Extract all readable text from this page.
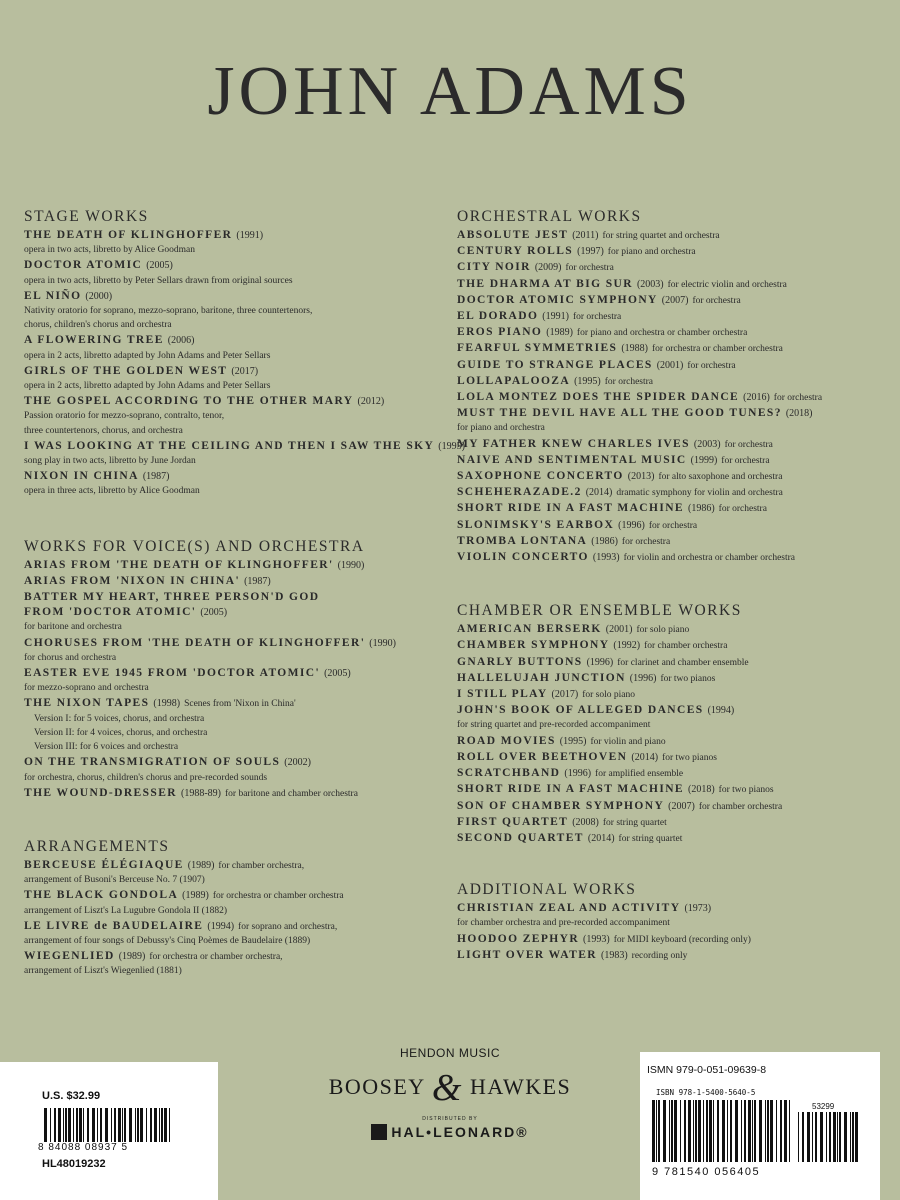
JOHN ADAMS
STAGE WORKS
THE DEATH OF KLINGHOFFER (1991)
opera in two acts, libretto by Alice Goodman
DOCTOR ATOMIC (2005)
opera in two acts, libretto by Peter Sellars drawn from original sources
EL NIÑO (2000)
Nativity oratorio for soprano, mezzo-soprano, baritone, three countertenors,
chorus, children's chorus and orchestra
A FLOWERING TREE (2006)
opera in 2 acts, libretto adapted by John Adams and Peter Sellars
GIRLS OF THE GOLDEN WEST (2017)
opera in 2 acts, libretto adapted by John Adams and Peter Sellars
THE GOSPEL ACCORDING TO THE OTHER MARY (2012)
Passion oratorio for mezzo-soprano, contralto, tenor,
three countertenors, chorus, and orchestra
I WAS LOOKING AT THE CEILING AND THEN I SAW THE SKY (1995)
song play in two acts, libretto by June Jordan
NIXON IN CHINA (1987)
opera in three acts, libretto by Alice Goodman
WORKS FOR VOICE(S) AND ORCHESTRA
ARIAS FROM 'THE DEATH OF KLINGHOFFER' (1990)
ARIAS FROM 'NIXON IN CHINA' (1987)
BATTER MY HEART, THREE PERSON'D GOD
FROM 'DOCTOR ATOMIC' (2005)
for baritone and orchestra
CHORUSES FROM 'THE DEATH OF KLINGHOFFER' (1990)
for chorus and orchestra
EASTER EVE 1945 FROM 'DOCTOR ATOMIC' (2005)
for mezzo-soprano and orchestra
THE NIXON TAPES (1998) Scenes from 'Nixon in China'
Version I: for 5 voices, chorus, and orchestra
Version II: for 4 voices, chorus, and orchestra
Version III: for 6 voices and orchestra
ON THE TRANSMIGRATION OF SOULS (2002)
for orchestra, chorus, children's chorus and pre-recorded sounds
THE WOUND-DRESSER (1988-89) for baritone and chamber orchestra
ARRANGEMENTS
BERCEUSE ÉLÉGIAQUE (1989) for chamber orchestra,
arrangement of Busoni's Berceuse No. 7 (1907)
THE BLACK GONDOLA (1989) for orchestra or chamber orchestra
arrangement of Liszt's La Lugubre Gondola II (1882)
LE LIVRE de BAUDELAIRE (1994) for soprano and orchestra,
arrangement of four songs of Debussy's Cinq Poèmes de Baudelaire (1889)
WIEGENLIED (1989) for orchestra or chamber orchestra,
arrangement of Liszt's Wiegenlied (1881)
ORCHESTRAL WORKS
ABSOLUTE JEST (2011) for string quartet and orchestra
CENTURY ROLLS (1997) for piano and orchestra
CITY NOIR (2009) for orchestra
THE DHARMA AT BIG SUR (2003) for electric violin and orchestra
DOCTOR ATOMIC SYMPHONY (2007) for orchestra
EL DORADO (1991) for orchestra
EROS PIANO (1989) for piano and orchestra or chamber orchestra
FEARFUL SYMMETRIES (1988) for orchestra or chamber orchestra
GUIDE TO STRANGE PLACES (2001) for orchestra
LOLLAPALOOZA (1995) for orchestra
LOLA MONTEZ DOES THE SPIDER DANCE (2016) for orchestra
MUST THE DEVIL HAVE ALL THE GOOD TUNES? (2018)
for piano and orchestra
MY FATHER KNEW CHARLES IVES (2003) for orchestra
NAIVE AND SENTIMENTAL MUSIC (1999) for orchestra
SAXOPHONE CONCERTO (2013) for alto saxophone and orchestra
SCHEHERAZADE.2 (2014) dramatic symphony for violin and orchestra
SHORT RIDE IN A FAST MACHINE (1986) for orchestra
SLONIMSKY'S EARBOX (1996) for orchestra
TROMBA LONTANA (1986) for orchestra
VIOLIN CONCERTO (1993) for violin and orchestra or chamber orchestra
CHAMBER OR ENSEMBLE WORKS
AMERICAN BERSERK (2001) for solo piano
CHAMBER SYMPHONY (1992) for chamber orchestra
GNARLY BUTTONS (1996) for clarinet and chamber ensemble
HALLELUJAH JUNCTION (1996) for two pianos
I STILL PLAY (2017) for solo piano
JOHN'S BOOK OF ALLEGED DANCES (1994)
for string quartet and pre-recorded accompaniment
ROAD MOVIES (1995) for violin and piano
ROLL OVER BEETHOVEN (2014) for two pianos
SCRATCHBAND (1996) for amplified ensemble
SHORT RIDE IN A FAST MACHINE (2018) for two pianos
SON OF CHAMBER SYMPHONY (2007) for chamber orchestra
FIRST QUARTET (2008) for string quartet
SECOND QUARTET (2014) for string quartet
ADDITIONAL WORKS
CHRISTIAN ZEAL AND ACTIVITY (1973)
for chamber orchestra and pre-recorded accompaniment
HOODOO ZEPHYR (1993) for MIDI keyboard (recording only)
LIGHT OVER WATER (1983) recording only
U.S. $32.99
8 84088 08937 5
HL48019232
HENDON MUSIC
BOOSEY & HAWKES
DISTRIBUTED BY
HAL•LEONARD®
ISMN 979-0-051-09639-8
ISBN 978-1-5400-5640-5
53299
9 781540 056405
